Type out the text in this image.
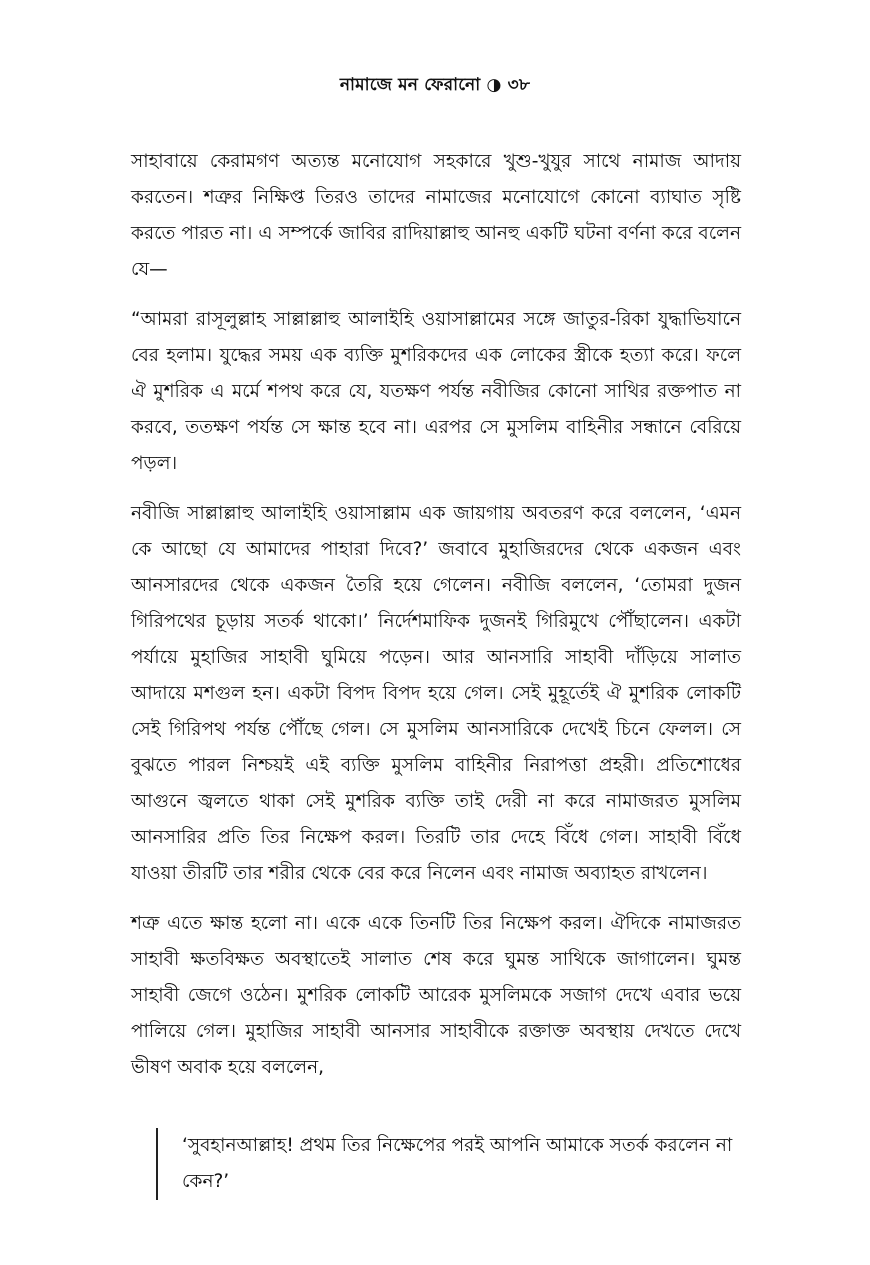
নামাজে মন ফেরানো ◑ ৩৮

সাহাবায়ে কেরামগণ অত্যন্ত মনোযোগ সহকারে খুশু-খুযুর সাথে নামাজ আদায় করতেন। শত্রুর নিক্ষিপ্ত তিরও তাদের নামাজের মনোযোগে কোনো ব্যাঘাত সৃষ্টি করতে পারত না। এ সম্পর্কে জাবির রাদিয়াল্লাহু আনহু একটি ঘটনা বর্ণনা করে বলেন যে—

“আমরা রাসূলুল্লাহ সাল্লাল্লাহু আলাইহি ওয়াসাল্লামের সঙ্গে জাতুর-রিকা যুদ্ধাভিযানে বের হলাম। যুদ্ধের সময় এক ব্যক্তি মুশরিকদের এক লোকের স্ত্রীকে হত্যা করে। ফলে ঐ মুশরিক এ মর্মে শপথ করে যে, যতক্ষণ পর্যন্ত নবীজির কোনো সাথির রক্তপাত না করবে, ততক্ষণ পর্যন্ত সে ক্ষান্ত হবে না। এরপর সে মুসলিম বাহিনীর সন্ধানে বেরিয়ে পড়ল।

নবীজি সাল্লাল্লাহু আলাইহি ওয়াসাল্লাম এক জায়গায় অবতরণ করে বললেন, ‘এমন কে আছো যে আমাদের পাহারা দিবে?’ জবাবে মুহাজিরদের থেকে একজন এবং আনসারদের থেকে একজন তৈরি হয়ে গেলেন। নবীজি বললেন, ‘তোমরা দুজন গিরিপথের চূড়ায় সতর্ক থাকো।’ নির্দেশমাফিক দুজনই গিরিমুখে পৌঁছালেন। একটা পর্যায়ে মুহাজির সাহাবী ঘুমিয়ে পড়েন। আর আনসারি সাহাবী দাঁড়িয়ে সালাত আদায়ে মশগুল হন। একটা বিপদ বিপদ হয়ে গেল। সেই মুহূর্তেই ঐ মুশরিক লোকটি সেই গিরিপথ পর্যন্ত পৌঁছে গেল। সে মুসলিম আনসারিকে দেখেই চিনে ফেলল। সে বুঝতে পারল নিশ্চয়ই এই ব্যক্তি মুসলিম বাহিনীর নিরাপত্তা প্রহরী। প্রতিশোধের আগুনে জ্বলতে থাকা সেই মুশরিক ব্যক্তি তাই দেরী না করে নামাজরত মুসলিম আনসারির প্রতি তির নিক্ষেপ করল। তিরটি তার দেহে বিঁধে গেল। সাহাবী বিঁধে যাওয়া তীরটি তার শরীর থেকে বের করে নিলেন এবং নামাজ অব্যাহত রাখলেন।

শত্রু এতে ক্ষান্ত হলো না। একে একে তিনটি তির নিক্ষেপ করল। ঐদিকে নামাজরত সাহাবী ক্ষতবিক্ষত অবস্থাতেই সালাত শেষ করে ঘুমন্ত সাথিকে জাগালেন। ঘুমন্ত সাহাবী জেগে ওঠেন। মুশরিক লোকটি আরেক মুসলিমকে সজাগ দেখে এবার ভয়ে পালিয়ে গেল। মুহাজির সাহাবী আনসার সাহাবীকে রক্তাক্ত অবস্থায় দেখতে দেখে ভীষণ অবাক হয়ে বললেন,

‘সুবহানআল্লাহ! প্রথম তির নিক্ষেপের পরই আপনি আমাকে সতর্ক করলেন না কেন?’
